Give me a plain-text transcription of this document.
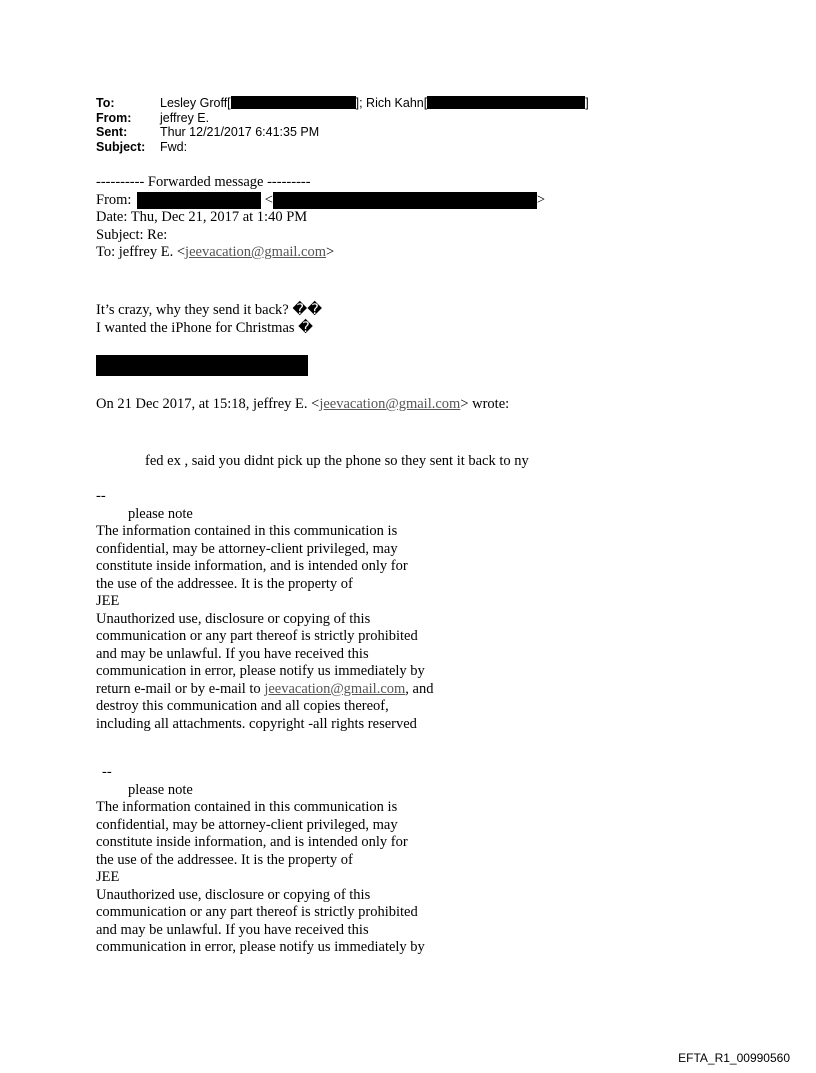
To:	Lesley Groff[	]; Rich Kahn[	]
From:	jeffrey E.
Sent:	Thur 12/21/2017 6:41:35 PM
Subject:	Fwd:
---------- Forwarded message ---------
From:	<	>
Date: Thu, Dec 21, 2017 at 1:40 PM
Subject: Re:
To: jeffrey E. <jeevacation@gmail.com>
It’s crazy, why they send it back? ��
I wanted the iPhone for Christmas �
On 21 Dec 2017, at 15:18, jeffrey E. <jeevacation@gmail.com> wrote:
fed ex , said you didnt pick up the phone so they sent it back to ny
--
please note
The information contained in this communication is
confidential, may be attorney-client privileged, may
constitute inside information, and is intended only for
the use of the addressee. It is the property of
JEE
Unauthorized use, disclosure or copying of this
communication or any part thereof is strictly prohibited
and may be unlawful. If you have received this
communication in error, please notify us immediately by
return e-mail or by e-mail to jeevacation@gmail.com, and
destroy this communication and all copies thereof,
including all attachments. copyright -all rights reserved
--
please note
The information contained in this communication is
confidential, may be attorney-client privileged, may
constitute inside information, and is intended only for
the use of the addressee. It is the property of
JEE
Unauthorized use, disclosure or copying of this
communication or any part thereof is strictly prohibited
and may be unlawful. If you have received this
communication in error, please notify us immediately by
EFTA_R1_00990560
